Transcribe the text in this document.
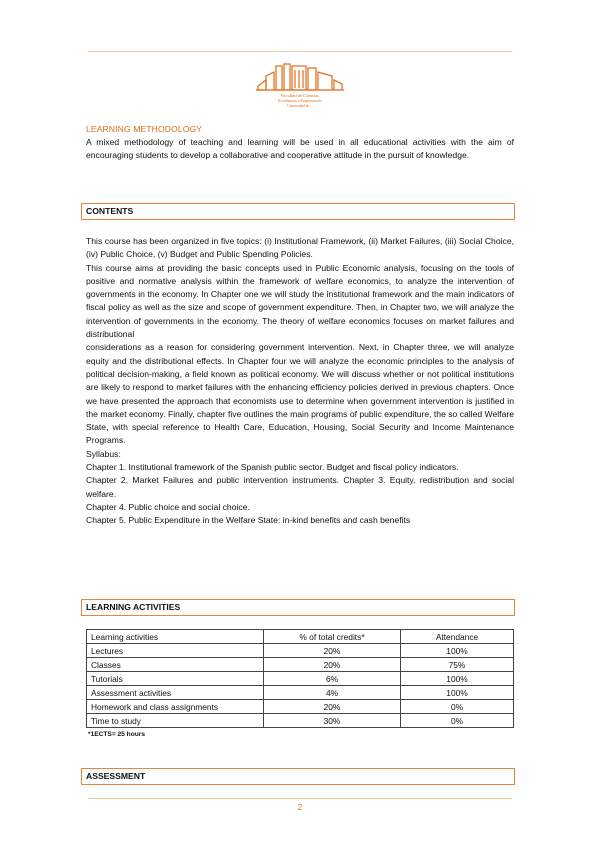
Facultad de Ciencias
Económicas y Empresariales
Universidad de ...
LEARNING METHODOLOGY

A mixed methodology of teaching and learning will be used in all educational activities with the aim of encouraging students to develop a collaborative and cooperative attitude in the pursuit of knowledge.

CONTENTS

This course has been organized in five topics: (i) Institutional Framework, (ii) Market Failures, (iii) Social Choice, (iv) Public Choice, (v) Budget and Public Spending Policies.

This course aims at providing the basic concepts used in Public Economic analysis, focusing on the tools of positive and normative analysis within the framework of welfare economics, to analyze the intervention of governments in the economy. In Chapter one we will study the institutional framework and the main indicators of fiscal policy as well as the size and scope of government expenditure. Then, in Chapter two, we will analyze the intervention of governments in the economy. The theory of welfare economics focuses on market failures and distributional

considerations as a reason for considering government intervention. Next, in Chapter three, we will analyze equity and the distributional effects. In Chapter four we will analyze the economic principles to the analysis of political decision-making, a field known as political economy. We will discuss whether or not political institutions are likely to respond to market failures with the enhancing efficiency policies derived in previous chapters. Once we have presented the approach that economists use to determine when government intervention is justified in the market economy. Finally, chapter five outlines the main programs of public expenditure, the so called Welfare State, with special reference to Health Care, Education, Housing, Social Security and Income Maintenance Programs.

Syllabus:

Chapter 1. Institutional framework of the Spanish public sector. Budget and fiscal policy indicators.

Chapter 2. Market Failures and public intervention instruments. Chapter 3. Equity, redistribution and social welfare.

Chapter 4. Public choice and social choice.

Chapter 5. Public Expenditure in the Welfare State: in-kind benefits and cash benefits

LEARNING ACTIVITIES
Learning activities	% of total credits*	Attendance
Lectures	20%	100%
Classes	20%	75%
Tutorials	6%	100%
Assessment activities	4%	100%
Homework and class assignments	20%	0%
Time to study	30%	0%
*1ECTS= 25 hours
ASSESSMENT
2
